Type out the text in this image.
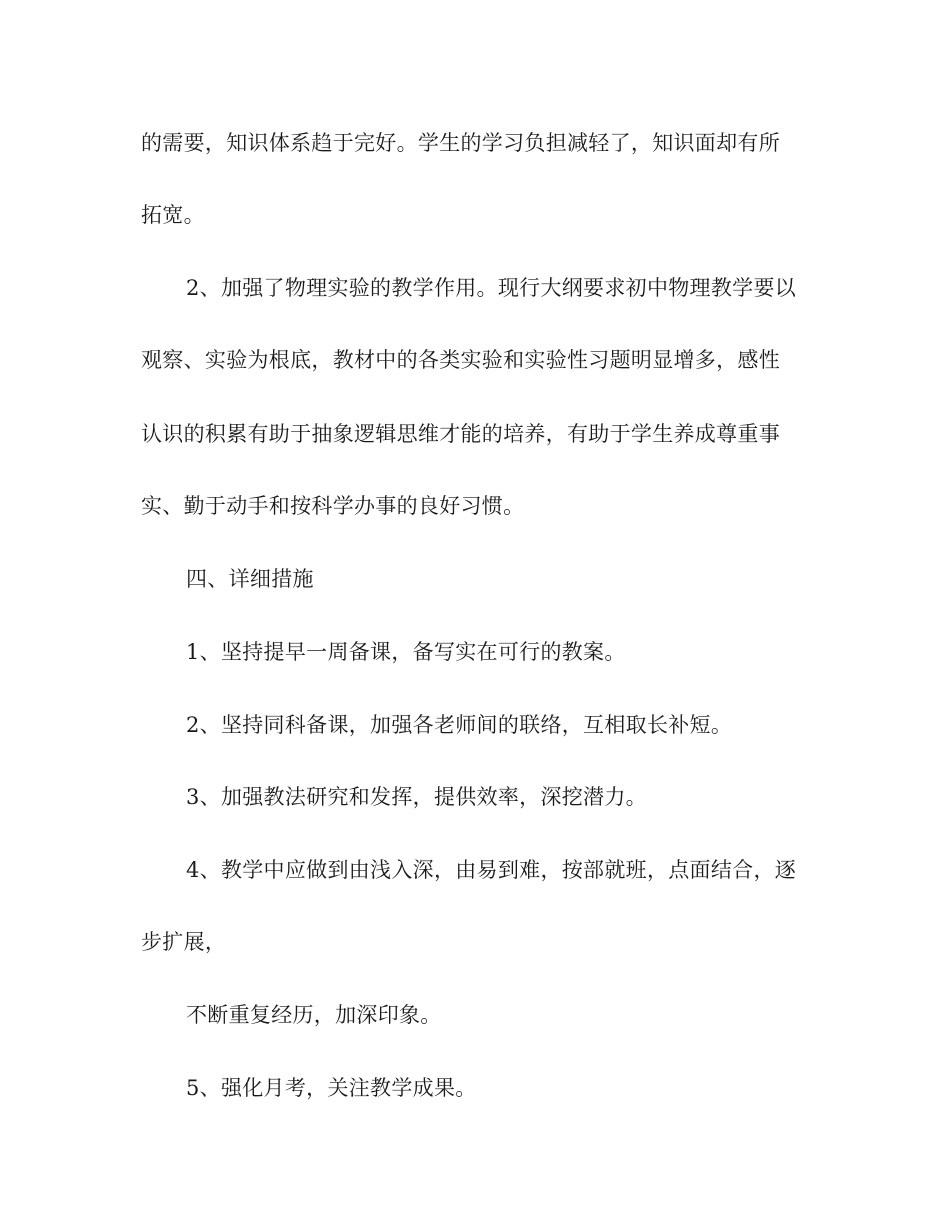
的需要，知识体系趋于完好。学生的学习负担减轻了，知识面却有所
拓宽。
2、加强了物理实验的教学作用。现行大纲要求初中物理教学要以
观察、实验为根底，教材中的各类实验和实验性习题明显增多，感性
认识的积累有助于抽象逻辑思维才能的培养，有助于学生养成尊重事
实、勤于动手和按科学办事的良好习惯。
四、详细措施
1、坚持提早一周备课，备写实在可行的教案。
2、坚持同科备课，加强各老师间的联络，互相取长补短。
3、加强教法研究和发挥，提供效率，深挖潜力。
4、教学中应做到由浅入深，由易到难，按部就班，点面结合，逐
步扩展，
不断重复经历，加深印象。
5、强化月考，关注教学成果。
